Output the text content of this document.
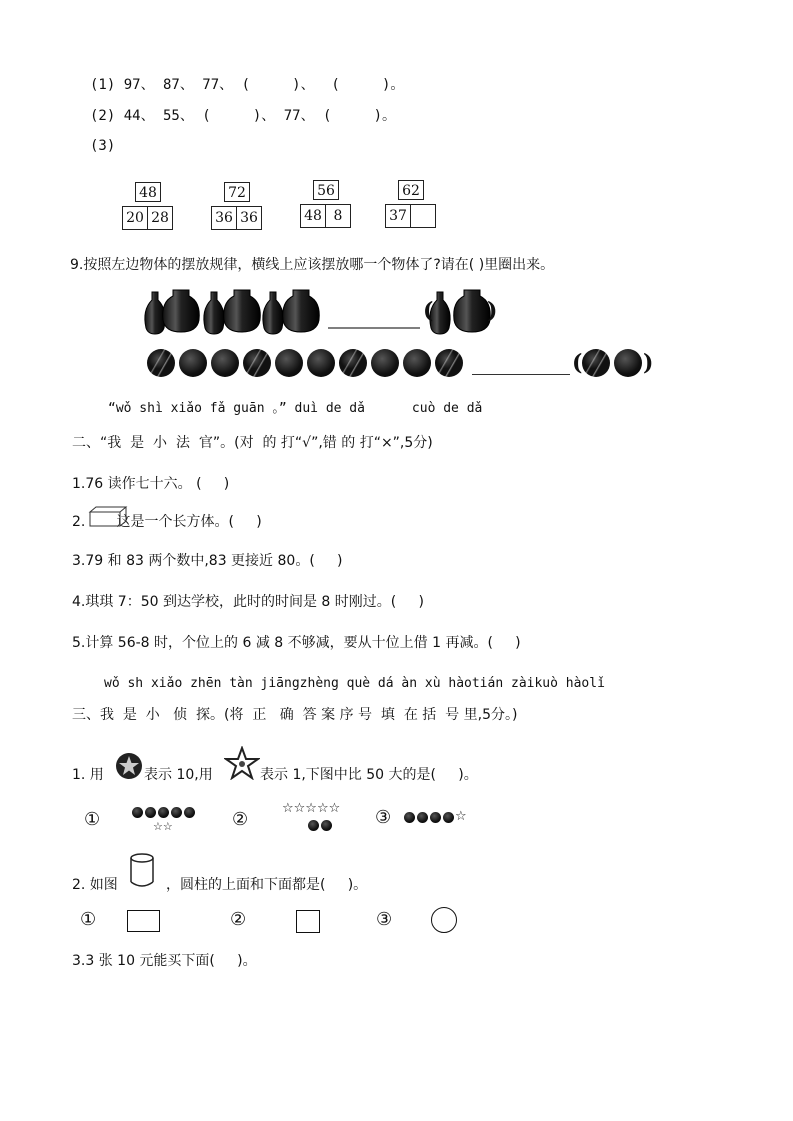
(1) 97、 87、 77、 (     )、  (     )。
(2) 44、 55、 (     )、 77、 (     )。
(3)
48
20 28
72
36 36
56
48 8
62
37
9.按照左边物体的摆放规律，横线上应该摆放哪一个物体了?请在( )里圈出来。
( )
(	)
“wǒ shì xiǎo fǎ guān 。” duì de dǎ      cuò de dǎ
二、“我  是  小  法  官”。(对  的 打“√”,错 的 打“×”,5分)
1.76 读作七十六。 (     )
2.       这是一个长方体。(     )
3.79 和 83 两个数中,83 更接近 80。(     )
4.琪琪 7：50 到达学校，此时的时间是 8 时刚过。(     )
5.计算 56-8 时，个位上的 6 减 8 不够减，要从十位上借 1 再减。(     )
wǒ sh xiǎo zhēn tàn jiāngzhèng què dá àn xù hàotián zàikuò hàolǐ
三、我  是  小   侦  探。(将  正   确  答 案 序 号  填  在 括  号 里,5分。)
1. 用	表示 10,用	表示 1,下图中比 50 大的是(     )。
①	☆☆	②
☆☆☆☆☆ ③	☆
2. 如图	，圆柱的上面和下面都是(     )。
①	②	③
3.3 张 10 元能买下面(     )。
